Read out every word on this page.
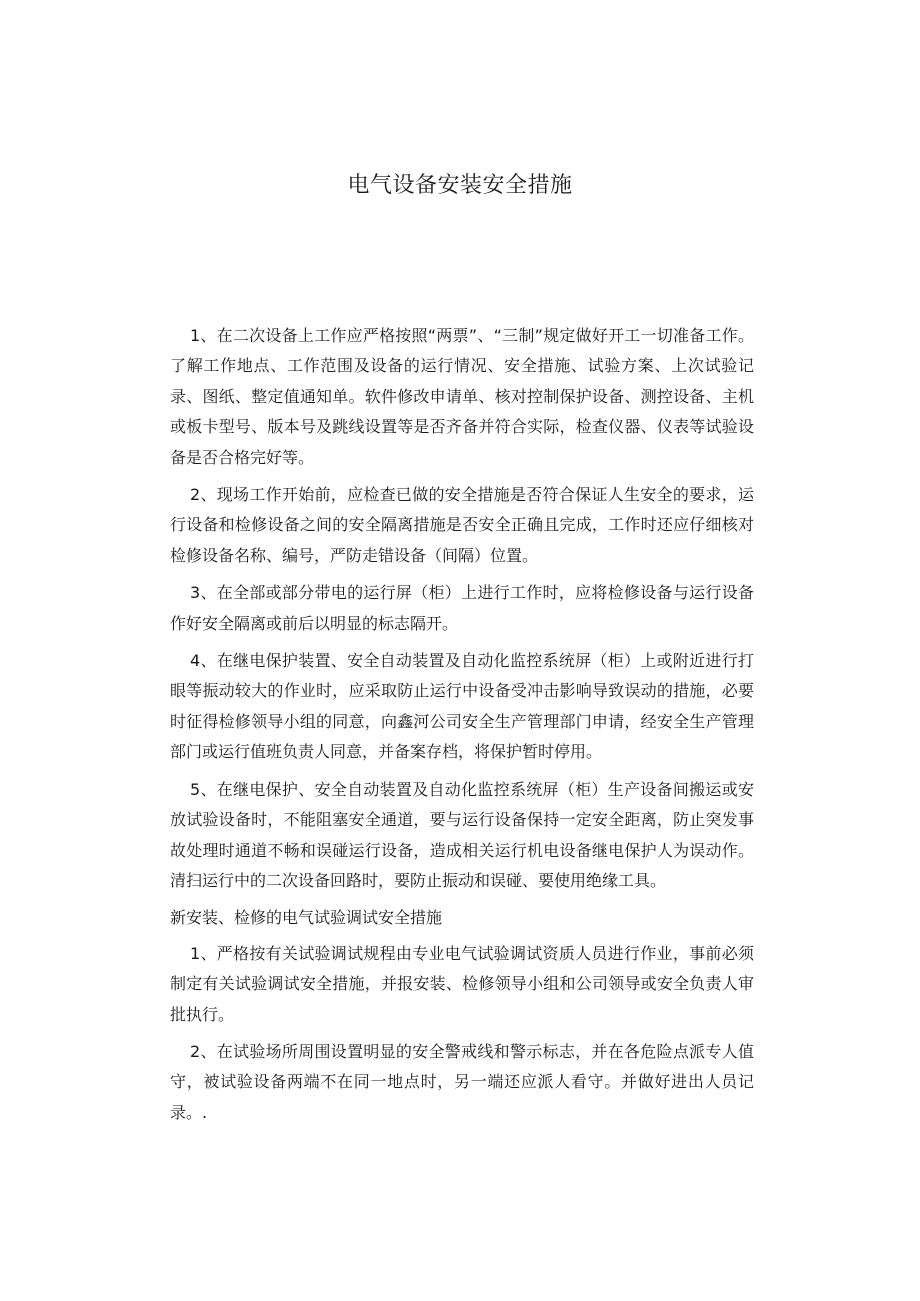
电气设备安装安全措施

1、在二次设备上工作应严格按照“两票”、“三制”规定做好开工一切准备工作。了解工作地点、工作范围及设备的运行情况、安全措施、试验方案、上次试验记录、图纸、整定值通知单。软件修改申请单、核对控制保护设备、测控设备、主机或板卡型号、版本号及跳线设置等是否齐备并符合实际，检查仪器、仪表等试验设备是否合格完好等。

2、现场工作开始前，应检查已做的安全措施是否符合保证人生安全的要求，运行设备和检修设备之间的安全隔离措施是否安全正确且完成，工作时还应仔细核对检修设备名称、编号，严防走错设备（间隔）位置。

3、在全部或部分带电的运行屏（柜）上进行工作时，应将检修设备与运行设备作好安全隔离或前后以明显的标志隔开。

4、在继电保护装置、安全自动装置及自动化监控系统屏（柜）上或附近进行打眼等振动较大的作业时，应采取防止运行中设备受冲击影响导致误动的措施，必要时征得检修领导小组的同意，向鑫河公司安全生产管理部门申请，经安全生产管理部门或运行值班负责人同意，并备案存档，将保护暂时停用。

5、在继电保护、安全自动装置及自动化监控系统屏（柜）生产设备间搬运或安放试验设备时，不能阻塞安全通道，要与运行设备保持一定安全距离，防止突发事故处理时通道不畅和误碰运行设备，造成相关运行机电设备继电保护人为误动作。清扫运行中的二次设备回路时，要防止振动和误碰、要使用绝缘工具。

新安装、检修的电气试验调试安全措施

1、严格按有关试验调试规程由专业电气试验调试资质人员进行作业，事前必须制定有关试验调试安全措施，并报安装、检修领导小组和公司领导或安全负责人审批执行。

2、在试验场所周围设置明显的安全警戒线和警示标志，并在各危险点派专人值守，被试验设备两端不在同一地点时，另一端还应派人看守。并做好进出人员记录。.
